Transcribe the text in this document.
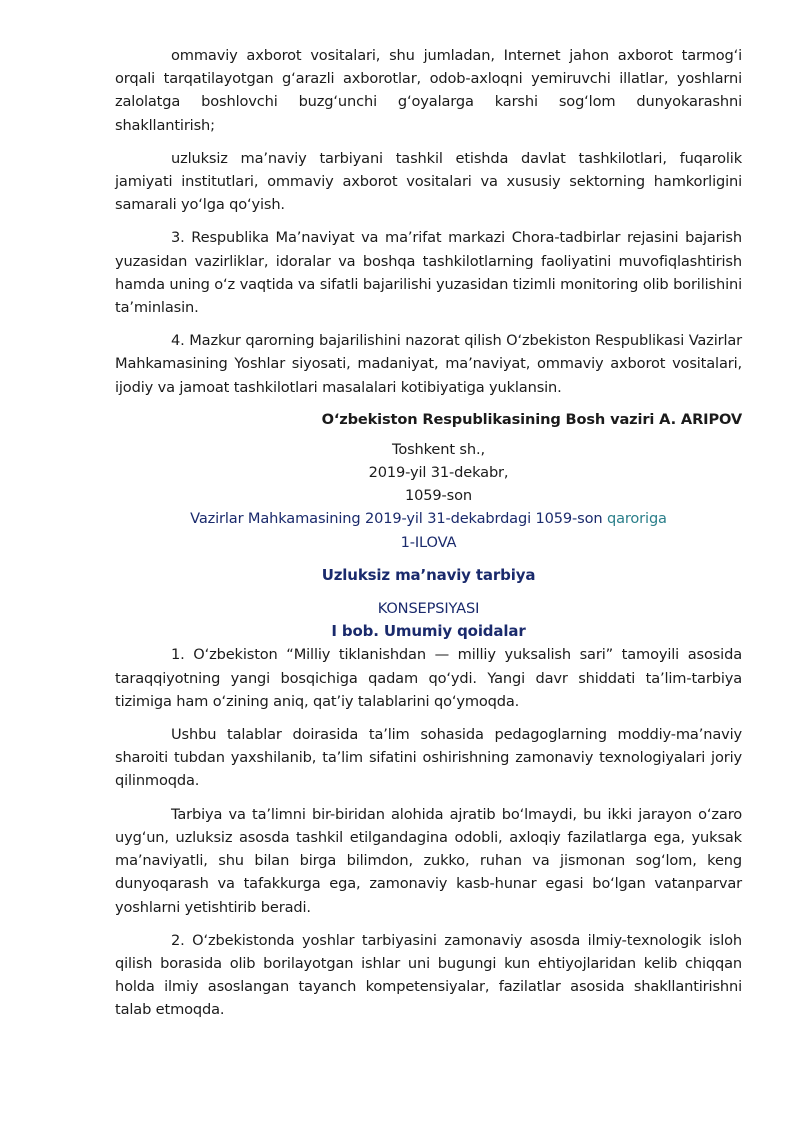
ommaviy axborot vositalari, shu jumladan, Internet jahon axborot tarmog‘i orqali tarqatilayotgan g‘arazli axborotlar, odob-axloqni yemiruvchi illatlar, yoshlarni zalolatga boshlovchi buzg‘unchi g‘oyalarga karshi sog‘lom dunyokarashni shakllantirish;

uzluksiz ma’naviy tarbiyani tashkil etishda davlat tashkilotlari, fuqarolik jamiyati institutlari, ommaviy axborot vositalari va xususiy sektorning hamkorligini samarali yo‘lga qo‘yish.

3. Respublika Ma’naviyat va ma’rifat markazi Chora-tadbirlar rejasini bajarish yuzasidan vazirliklar, idoralar va boshqa tashkilotlarning faoliyatini muvofiqlashtirish hamda uning o‘z vaqtida va sifatli bajarilishi yuzasidan tizimli monitoring olib borilishini ta’minlasin.

4. Mazkur qarorning bajarilishini nazorat qilish O‘zbekiston Respublikasi Vazirlar Mahkamasining Yoshlar siyosati, madaniyat, ma’naviyat, ommaviy axborot vositalari, ijodiy va jamoat tashkilotlari masalalari kotibiyatiga yuklansin.

O‘zbekiston Respublikasining Bosh vaziri A. ARIPOV

Toshkent sh.,

2019-yil 31-dekabr,

1059-son

Vazirlar Mahkamasining 2019-yil 31-dekabrdagi 1059-son qaroriga

1-ILOVA

Uzluksiz ma’naviy tarbiya

KONSEPSIYASI

I bob. Umumiy qoidalar

1. O‘zbekiston “Milliy tiklanishdan — milliy yuksalish sari” tamoyili asosida taraqqiyotning yangi bosqichiga qadam qo‘ydi. Yangi davr shiddati ta’lim-tarbiya tizimiga ham o‘zining aniq, qat’iy talablarini qo‘ymoqda.

Ushbu talablar doirasida ta’lim sohasida pedagoglarning moddiy-ma’naviy sharoiti tubdan yaxshilanib, ta’lim sifatini oshirishning zamonaviy texnologiyalari joriy qilinmoqda.

Tarbiya va ta’limni bir-biridan alohida ajratib bo‘lmaydi, bu ikki jarayon o‘zaro uyg‘un, uzluksiz asosda tashkil etilgandagina odobli, axloqiy fazilatlarga ega, yuksak ma’naviyatli, shu bilan birga bilimdon, zukko, ruhan va jismonan sog‘lom, keng dunyoqarash va tafakkurga ega, zamonaviy kasb-hunar egasi bo‘lgan vatanparvar yoshlarni yetishtirib beradi.

2. O‘zbekistonda yoshlar tarbiyasini zamonaviy asosda ilmiy-texnologik isloh qilish borasida olib borilayotgan ishlar uni bugungi kun ehtiyojlaridan kelib chiqqan holda ilmiy asoslangan tayanch kompetensiyalar, fazilatlar asosida shakllantirishni talab etmoqda.
